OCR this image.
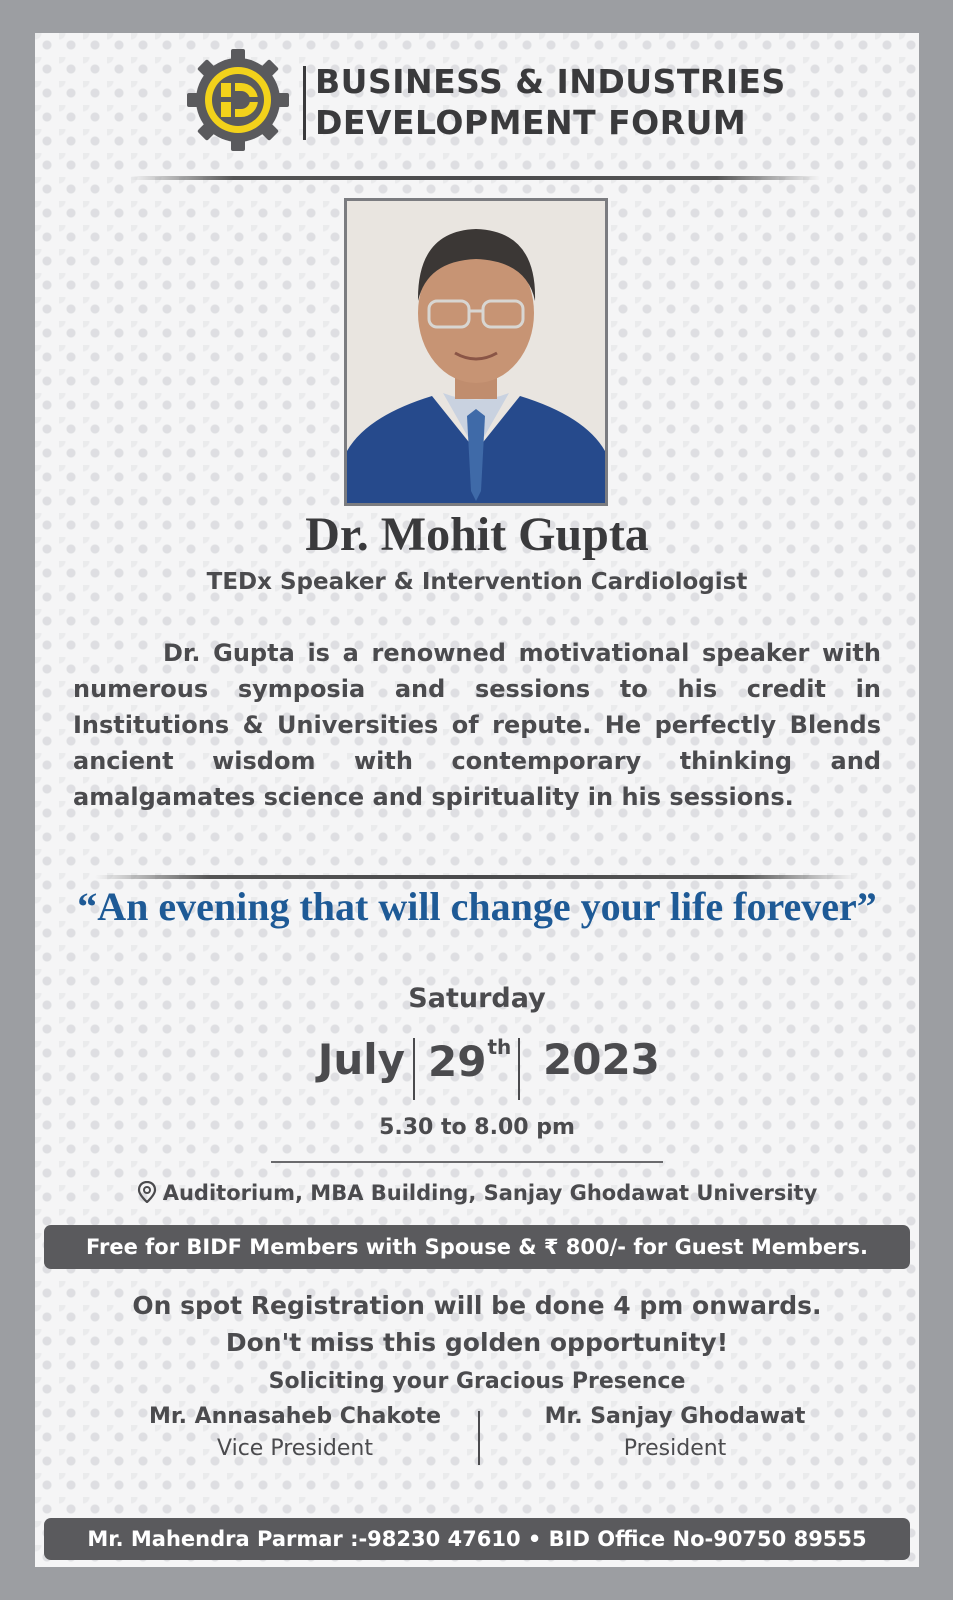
BUSINESS & INDUSTRIES
DEVELOPMENT FORUM
Dr. Mohit Gupta
TEDx Speaker & Intervention Cardiologist
Dr. Gupta is a renowned motivational speaker with numerous symposia and sessions to his credit in Institutions & Universities of repute. He perfectly Blends ancient wisdom with contemporary thinking and amalgamates science and spirituality in his sessions.
“An evening that will change your life forever”
Saturday
July 29th 2023
5.30 to 8.00 pm
Auditorium, MBA Building, Sanjay Ghodawat University
Free for BIDF Members with Spouse & ₹ 800/- for Guest Members.
On spot Registration will be done 4 pm onwards.
Don't miss this golden opportunity!
Soliciting your Gracious Presence
Mr. Annasaheb Chakote
Vice President
Mr. Sanjay Ghodawat
President
Mr. Mahendra Parmar :-98230 47610 • BID Office No-90750 89555
